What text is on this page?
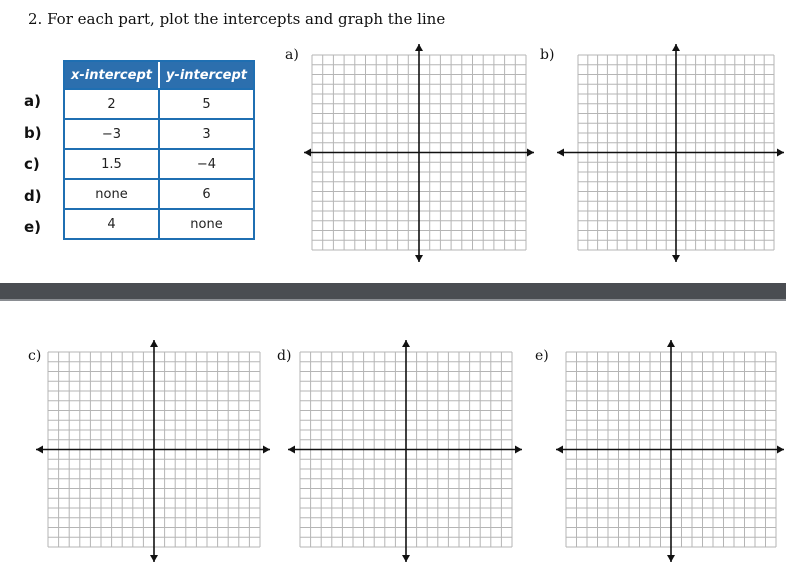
2. For each part, plot the intercepts and graph the line
x-intercept	y-intercept
2	5
−3	3
1.5	−4
none	6
4	none
a)
b)
c)
d)
e)
a)	b)
c)	d)	e)
